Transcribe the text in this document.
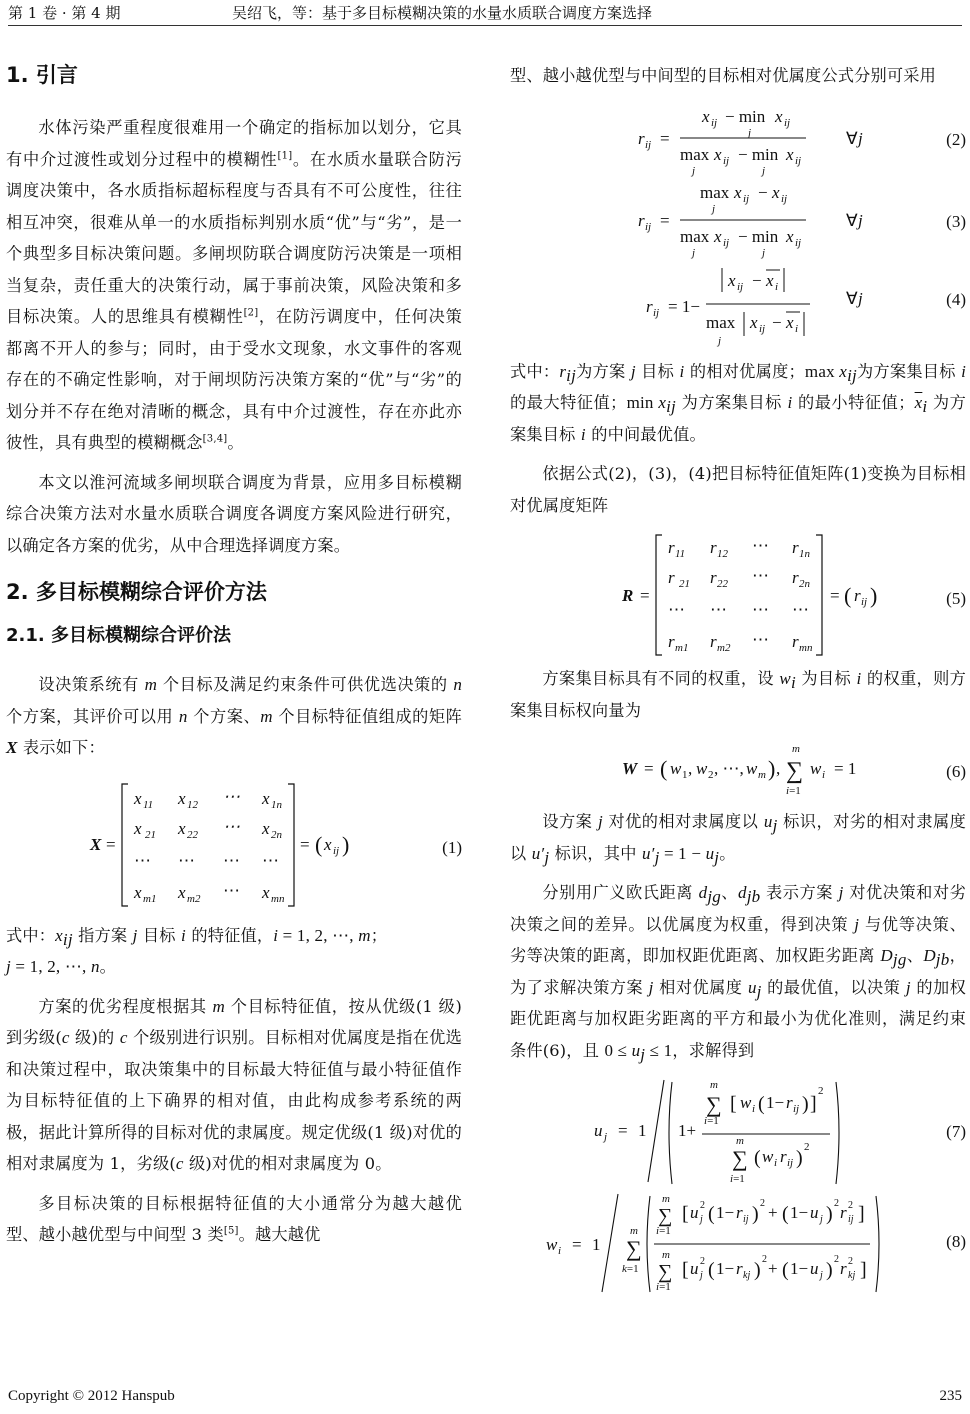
第 1 卷 · 第 4 期	吴绍飞，等：基于多目标模糊决策的水量水质联合调度方案选择
1. 引言

水体污染严重程度很难用一个确定的指标加以划分，它具有中介过渡性或划分过程中的模糊性[1]。在水质水量联合防污调度决策中，各水质指标超标程度与否具有不可公度性，往往相互冲突，很难从单一的水质指标判别水质“优”与“劣”，是一个典型多目标决策问题。多闸坝防联合调度防污决策是一项相当复杂，责任重大的决策行动，属于事前决策，风险决策和多目标决策。人的思维具有模糊性[2]，在防污调度中，任何决策都离不开人的参与；同时，由于受水文现象，水文事件的客观存在的不确定性影响，对于闸坝防污决策方案的“优”与“劣”的划分并不存在绝对清晰的概念，具有中介过渡性，存在亦此亦彼性，具有典型的模糊概念[3,4]。

本文以淮河流域多闸坝联合调度为背景，应用多目标模糊综合决策方法对水量水质联合调度各调度方案风险进行研究，以确定各方案的优劣，从中合理选择调度方案。

2. 多目标模糊综合评价方法
2.1. 多目标模糊综合评价法

设决策系统有 m 个目标及满足约束条件可供优选决策的 n 个方案，其评价可以用 n 个方案、m 个目标特征值组成的矩阵 X 表示如下：

X =
x 11 x 12 ⋯ x 1n
x 21 x 22 ⋯ x 2n
⋯ ⋯ ⋯ ⋯
x m1 x m2 ⋯ x mn
= ( x ij )	(1)

式中：$x_{ij}$ 指方案 j 目标 i 的特征值，i = 1, 2, ⋯, m；
j = 1, 2, ⋯, n。

方案的优劣程度根据其 m 个目标特征值，按从优级(1 级)到劣级(c 级)的 c 个级别进行识别。目标相对优属度是指在优选和决策过程中，取决策集中的目标最大特征值与最小特征值作为目标特征值的上下确界的相对值，由此构成参考系统的两极，据此计算所得的目标对优的隶属度。规定优级(1 级)对优的相对隶属度为 1，劣级(c 级)对优的相对隶属度为 0。

多目标决策的目标根据特征值的大小通常分为越大越优型、越小越优型与中间型 3 类[5]。越大越优

型、越小越优型与中间型的目标相对优属度公式分别可采用

r ij =
x ij − min x ij
j
max x ij
j
− min x ij
j
∀ j	(2)
r ij =
max x ij − x ij
j
max x ij
j
− min x ij
j
∀ j	(3)
r ij = 1−
x ij − x i
max
j
x ij − x i
∀ j	(4)

式中：$r_{ij}$为方案 j 目标 i 的相对优属度；$\max x_{ij}$为方案集目标 i 的最大特征值；$\min x_{ij}$ 为方案集目标 i 的最小特征值；$\overline{x}_i$ 为方案集目标 i 的中间最优值。

依据公式(2)，(3)，(4)把目标特征值矩阵(1)变换为目标相对优属度矩阵

R =
r 11 r 12 ⋯ r 1n
r 21 r 22 ⋯ r 2n
⋯ ⋯ ⋯ ⋯
r m1 r m2 ⋯ r mn
= ( r ij )	(5)

方案集目标具有不同的权重，设 $w_i$ 为目标 i 的权重，则方案集目标权向量为

W = ( w 1 , w 2 , ⋯, w m ) , ∑
m
i=1
w i = 1	(6)

设方案 j 对优的相对隶属度以 $u_j$ 标识，对劣的相对隶属度以 $u'_j$ 标识，其中 $u'_j = 1 - u_j$。

分别用广义欧氏距离 $d_{jg}$、$d_{jb}$ 表示方案 j 对优决策和对劣决策之间的差异。以优属度为权重，得到决策 j 与优等决策、劣等决策的距离，即加权距优距离、加权距劣距离 $D_{jg}$、$D_{jb}$，为了求解决策方案 j 相对优属度 $u_j$ 的最优值，以决策 j 的加权距优距离与加权距劣距离的平方和最小为优化准则，满足约束条件(6)，且 $0 \le u_j \le 1$，求解得到

u j = 1 1+
∑
m
i=1
[ w i ( 1− r ij ) ]
2
∑
m
i=1
( w i r ij ) 2
(7)
w i = 1 ∑
m
k=1
∑
m
i=1
[ u 2
j ( 1− r ij ) 2 + ( 1− u j ) 2 r 2
ij ]
∑
m
i=1
[ u 2
j ( 1− r kj ) 2 + ( 1− u j ) 2 r 2
kj ]
(8)
Copyright © 2012 Hanspub	235
